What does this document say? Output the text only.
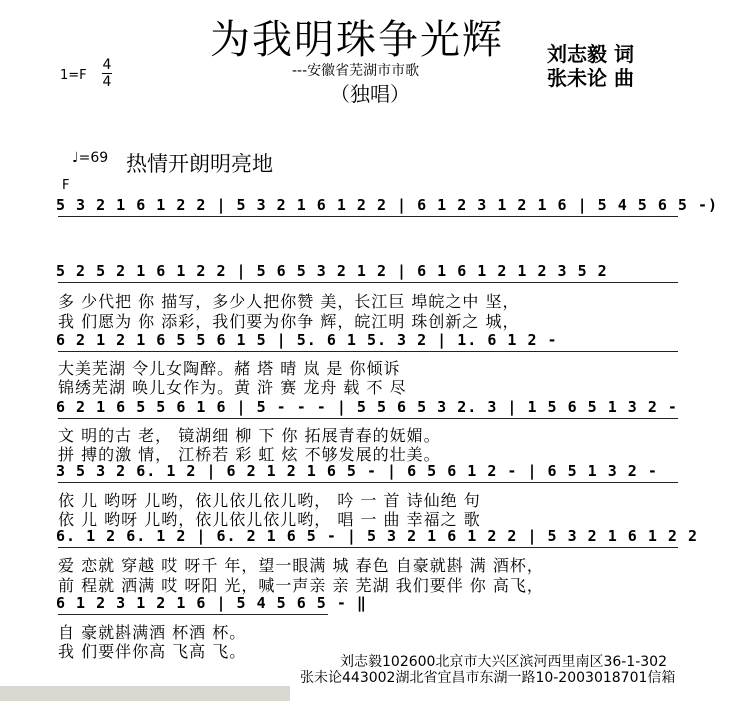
为我明珠争光辉
---安徽省芜湖市市歌
（独唱）
刘志毅 词
张未论 曲
1=F
4
4
♩=69 热情开朗明亮地
F
5 3 2 1 6 1 2 2 | 5 3 2 1 6 1 2 2 | 6 1 2 3 1 2 1 6 | 5 4 5 6 5 -)
5 2 5 2 1 6 1 2 2 | 5 6 5 3 2 1 2 | 6 1 6 1 2 1 2 3 5 2
多 少代把 你 描写，多少人把你赞 美，长江巨 埠皖之中 坚，
我 们愿为 你 添彩，我们要为你争 辉，皖江明 珠创新之 城，
6 2 1 2 1 6 5 5 6 1 5 | 5. 6 1 5. 3 2 | 1. 6 1 2 -
大美芜湖 令儿女陶醉。赭 塔 晴 岚 是 你倾诉
锦绣芜湖 唤儿女作为。黄 浒 赛 龙舟 载 不 尽
6 2 1 6 5 5 6 1 6 | 5 - - - | 5 5 6 5 3 2. 3 | 1 5 6 5 1 3 2 -
文 明的古 老， 镜湖细 柳 下 你 拓展青春的妩媚。
拼 搏的激 情， 江桥若 彩 虹 炫 不够发展的壮美。
3 5 3 2 6. 1 2 | 6 2 1 2 1 6 5 - | 6 5 6 1 2 - | 6 5 1 3 2 -
依 儿 哟呀 儿哟，依儿依儿依儿哟， 吟 一 首 诗仙绝 句
依 儿 哟呀 儿哟，依儿依儿依儿哟， 唱 一 曲 幸福之 歌
6. 1 2 6. 1 2 | 6. 2 1 6 5 - | 5 3 2 1 6 1 2 2 | 5 3 2 1 6 1 2 2
爱 恋就 穿越 哎 呀千 年，望一眼满 城 春色 自豪就斟 满 酒杯，
前 程就 洒满 哎 呀阳 光，喊一声亲 亲 芜湖 我们要伴 你 高飞，
6 1 2 3 1 2 1 6 | 5 4 5 6 5 - ‖
自 豪就斟满酒 杯酒 杯。
我 们要伴你高 飞高 飞。
刘志毅102600北京市大兴区滨河西里南区36-1-302
张未论443002湖北省宜昌市东湖一路10-2003018701信箱
